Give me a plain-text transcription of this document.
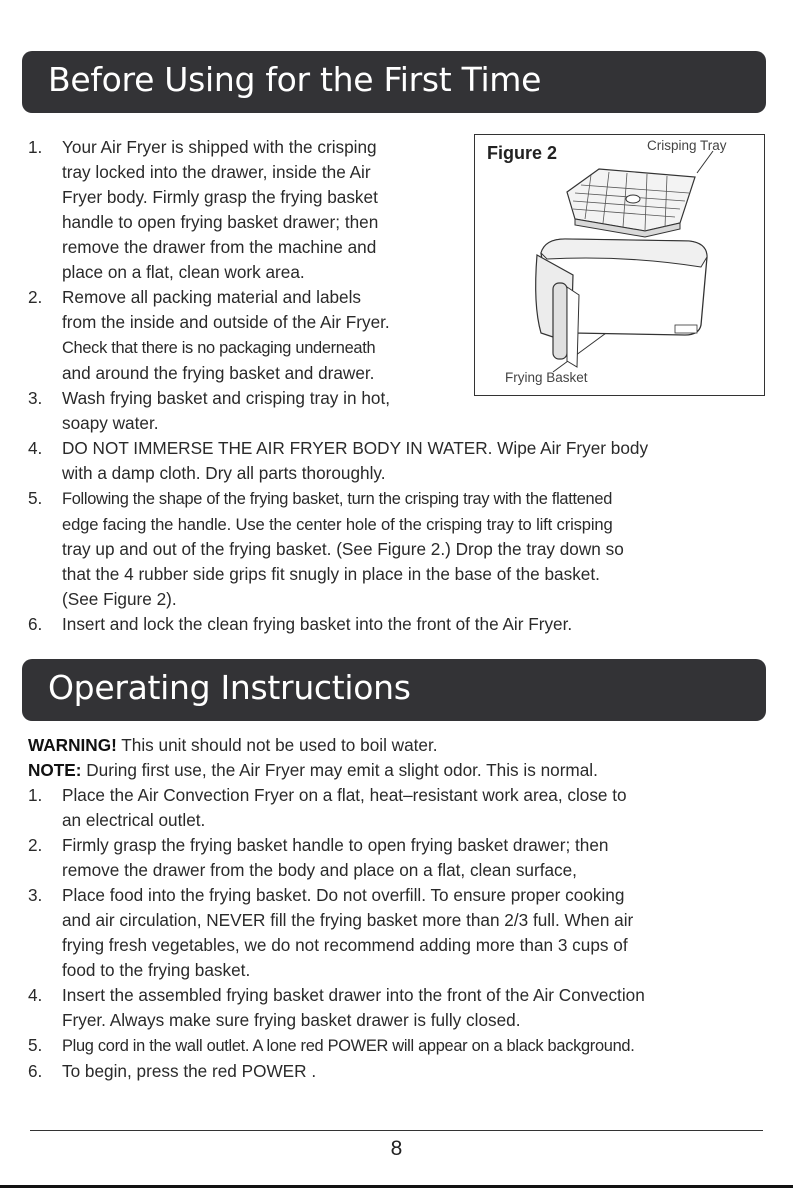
Before Using for the First Time
1. Your Air Fryer is shipped with the crisping
tray locked into the drawer, inside the Air
Fryer body. Firmly grasp the frying basket
handle to open frying basket drawer; then
remove the drawer from the machine and
place on a flat, clean work area.
2. Remove all packing material and labels
from the inside and outside of the Air Fryer.
Check that there is no packaging underneath
and around the frying basket and drawer.
3. Wash frying basket and crisping tray in hot,
soapy water.
4. DO NOT IMMERSE THE AIR FRYER BODY IN WATER. Wipe Air Fryer body
with a damp cloth. Dry all parts thoroughly.
5. Following the shape of the frying basket, turn the crisping tray with the flattened
edge facing the handle. Use the center hole of the crisping tray to lift crisping
tray up and out of the frying basket. (See Figure 2.) Drop the tray down so
that the 4 rubber side grips fit snugly in place in the base of the basket.
(See Figure 2).
6. Insert and lock the clean frying basket into the front of the Air Fryer.
Figure 2	Crisping Tray
Frying Basket
Operating Instructions

WARNING! This unit should not be used to boil water.

NOTE: During first use, the Air Fryer may emit a slight odor. This is normal.

1. Place the Air Convection Fryer on a flat, heat–resistant work area, close to
an electrical outlet.
2. Firmly grasp the frying basket handle to open frying basket drawer; then
remove the drawer from the body and place on a flat, clean surface,
3. Place food into the frying basket. Do not overfill. To ensure proper cooking
and air circulation, NEVER fill the frying basket more than 2/3 full. When air
frying fresh vegetables, we do not recommend adding more than 3 cups of
food to the frying basket.
4. Insert the assembled frying basket drawer into the front of the Air Convection
Fryer. Always make sure frying basket drawer is fully closed.
5. Plug cord in the wall outlet. A lone red POWER will appear on a black background.
6. To begin, press the red POWER .
8
